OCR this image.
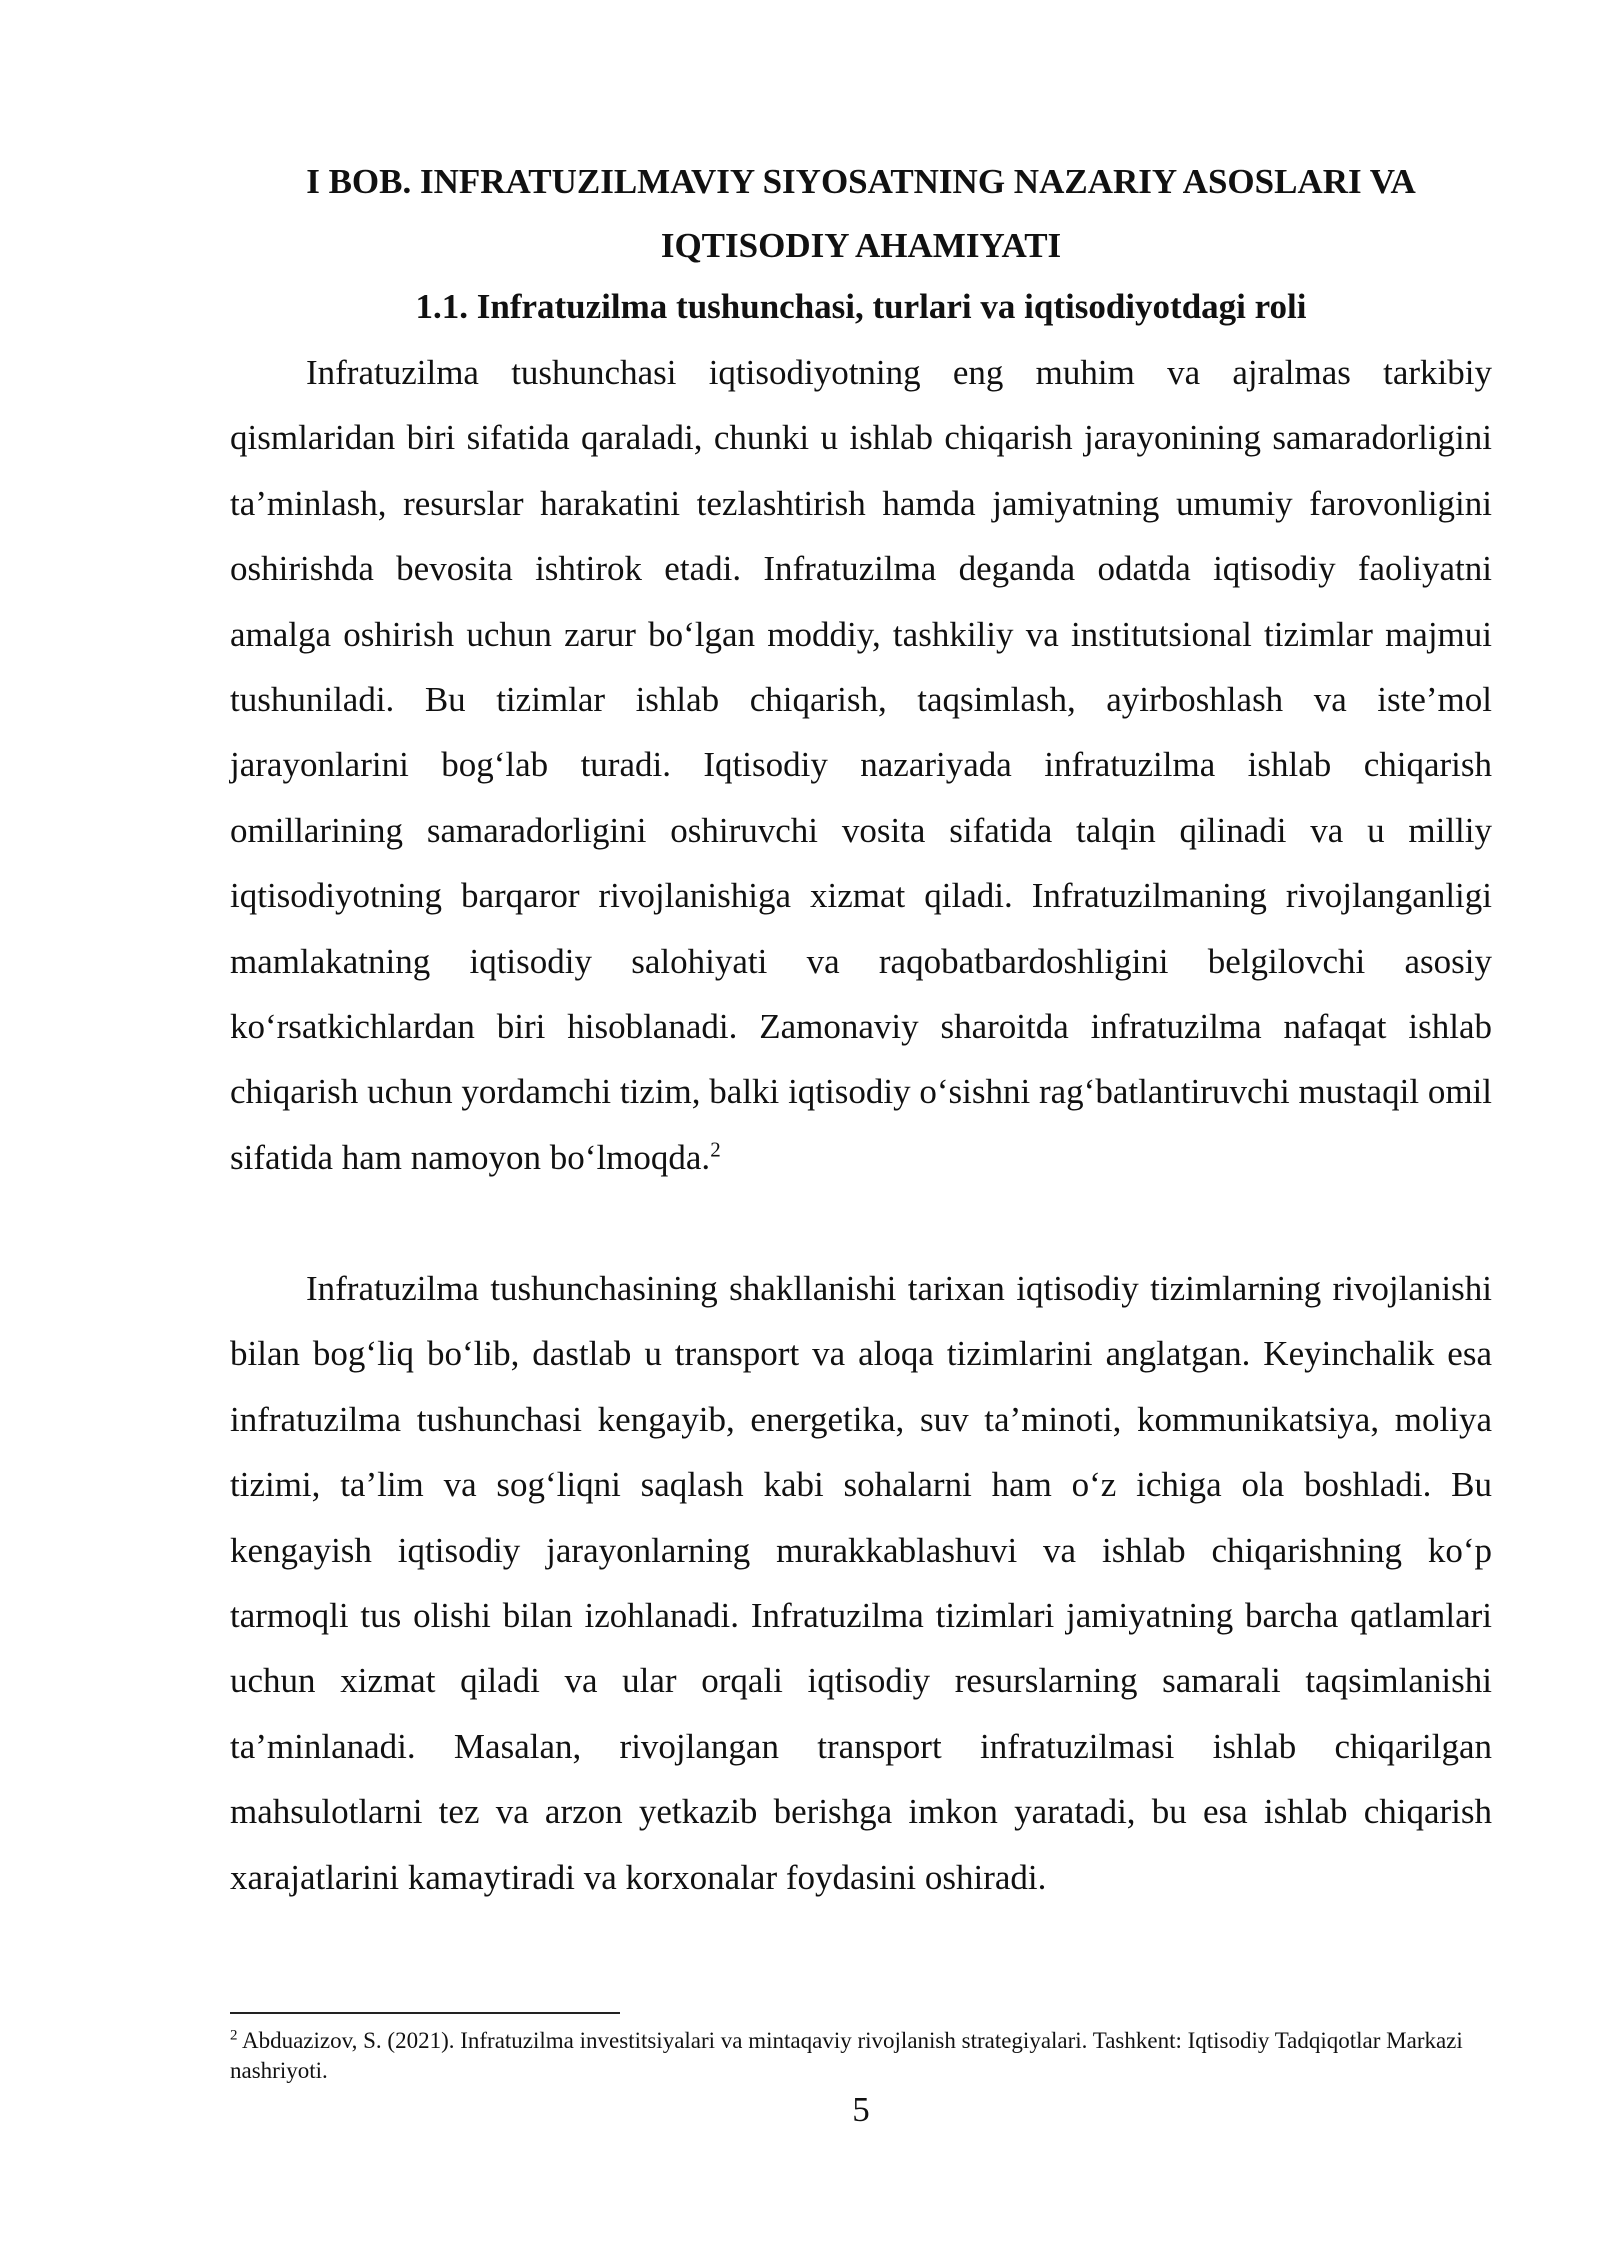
I BOB. INFRATUZILMAVIY SIYOSATNING NAZARIY ASOSLARI VA IQTISODIY AHAMIYATI
1.1. Infratuzilma tushunchasi, turlari va iqtisodiyotdagi roli

Infratuzilma tushunchasi iqtisodiyotning eng muhim va ajralmas tarkibiy qismlaridan biri sifatida qaraladi, chunki u ishlab chiqarish jarayonining samaradorligini ta’minlash, resurslar harakatini tezlashtirish hamda jamiyatning umumiy farovonligini oshirishda bevosita ishtirok etadi. Infratuzilma deganda odatda iqtisodiy faoliyatni amalga oshirish uchun zarur bo‘lgan moddiy, tashkiliy va institutsional tizimlar majmui tushuniladi. Bu tizimlar ishlab chiqarish, taqsimlash, ayirboshlash va iste’mol jarayonlarini bog‘lab turadi. Iqtisodiy nazariyada infratuzilma ishlab chiqarish omillarining samaradorligini oshiruvchi vosita sifatida talqin qilinadi va u milliy iqtisodiyotning barqaror rivojlanishiga xizmat qiladi. Infratuzilmaning rivojlanganligi mamlakatning iqtisodiy salohiyati va raqobatbardoshligini belgilovchi asosiy ko‘rsatkichlardan biri hisoblanadi. Zamonaviy sharoitda infratuzilma nafaqat ishlab chiqarish uchun yordamchi tizim, balki iqtisodiy o‘sishni rag‘batlantiruvchi mustaqil omil sifatida ham namoyon bo‘lmoqda.$^2$

Infratuzilma tushunchasining shakllanishi tarixan iqtisodiy tizimlarning rivojlanishi bilan bog‘liq bo‘lib, dastlab u transport va aloqa tizimlarini anglatgan. Keyinchalik esa infratuzilma tushunchasi kengayib, energetika, suv ta’minoti, kommunikatsiya, moliya tizimi, ta’lim va sog‘liqni saqlash kabi sohalarni ham o‘z ichiga ola boshladi. Bu kengayish iqtisodiy jarayonlarning murakkablashuvi va ishlab chiqarishning ko‘p tarmoqli tus olishi bilan izohlanadi. Infratuzilma tizimlari jamiyatning barcha qatlamlari uchun xizmat qiladi va ular orqali iqtisodiy resurslarning samarali taqsimlanishi ta’minlanadi. Masalan, rivojlangan transport infratuzilmasi ishlab chiqarilgan mahsulotlarni tez va arzon yetkazib berishga imkon yaratadi, bu esa ishlab chiqarish xarajatlarini kamaytiradi va korxonalar foydasini oshiradi.

$^2$ Abduazizov, S. (2021). Infratuzilma investitsiyalari va mintaqaviy rivojlanish strategiyalari. Tashkent: Iqtisodiy Tadqiqotlar Markazi nashriyoti.

5
